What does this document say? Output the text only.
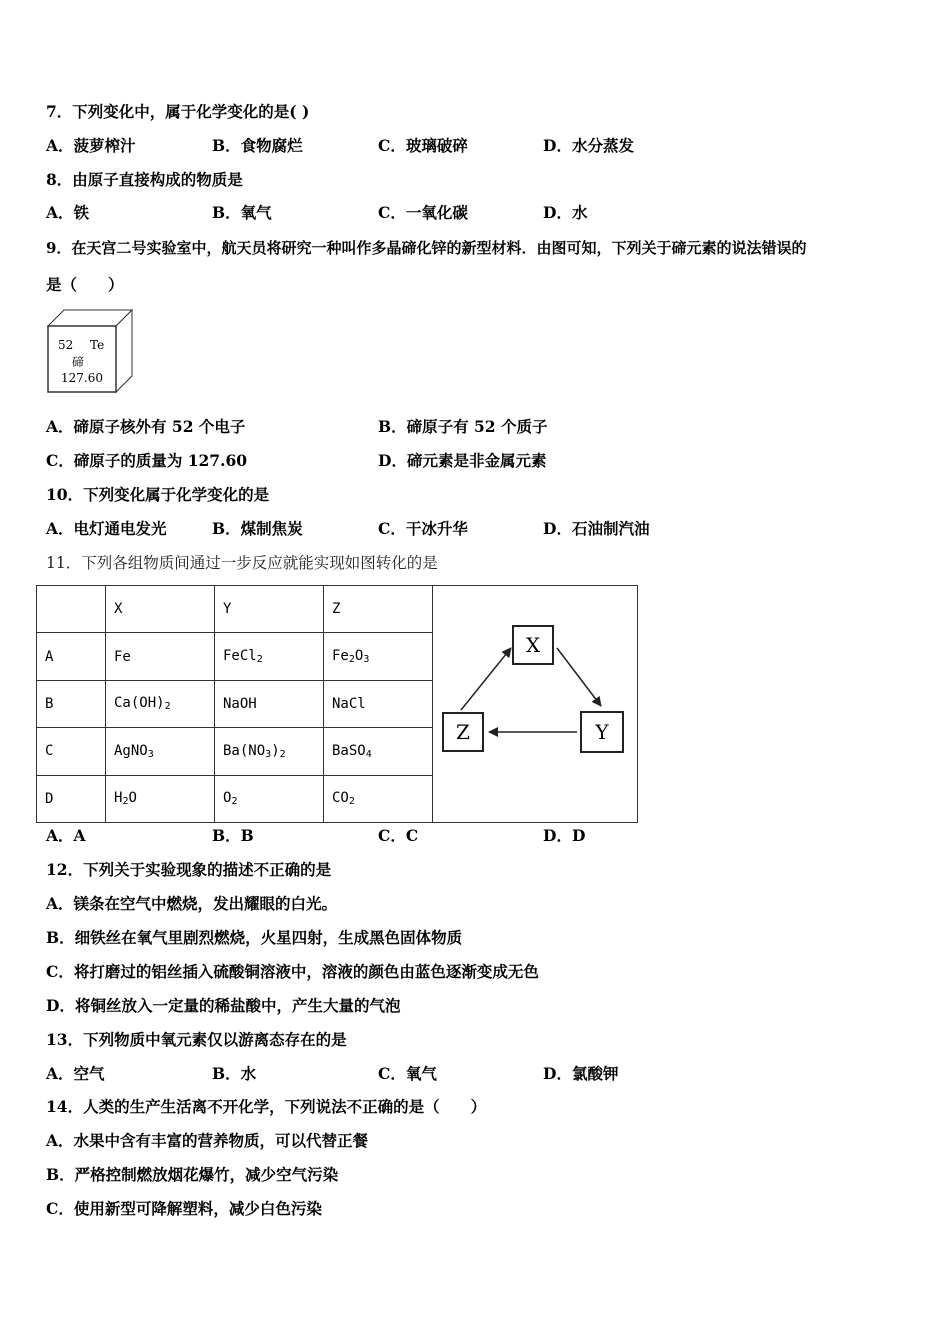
7．下列变化中，属于化学变化的是( )
A．菠萝榨汁	B．食物腐烂	C．玻璃破碎	D．水分蒸发
8．由原子直接构成的物质是
A．铁	B．氧气	C．一氧化碳	D．水
9．在天宫二号实验室中，航天员将研究一种叫作多晶碲化锌的新型材料．由图可知，下列关于碲元素的说法错误的
是（　　）
52 Te
碲
127.60
A．碲原子核外有 52 个电子	B．碲原子有 52 个质子
C．碲原子的质量为 127.60	D．碲元素是非金属元素
10．下列变化属于化学变化的是
A．电灯通电发光	B．煤制焦炭	C．干冰升华	D．石油制汽油
11．下列各组物质间通过一步反应就能实现如图转化的是
	X	Y	Z	X
Y
Z

A	Fe	FeCl$_2$	$Fe_2O_3$
B	$Ca(OH)_2$	NaOH	NaCl	
C	AgNO$_3$	$Ba(NO_3)_2$	BaSO$_4$
D	$H_2O$	$O_2$	$CO_2$
A．A	B．B	C．C	D．D
12．下列关于实验现象的描述不正确的是
A．镁条在空气中燃烧，发出耀眼的白光。
B．细铁丝在氧气里剧烈燃烧，火星四射，生成黑色固体物质
C．将打磨过的铝丝插入硫酸铜溶液中，溶液的颜色由蓝色逐渐变成无色
D．将铜丝放入一定量的稀盐酸中，产生大量的气泡
13．下列物质中氧元素仅以游离态存在的是
A．空气	B．水	C．氧气	D．氯酸钾
14．人类的生产生活离不开化学，下列说法不正确的是（　　）
A．水果中含有丰富的营养物质，可以代替正餐
B．严格控制燃放烟花爆竹，减少空气污染
C．使用新型可降解塑料，减少白色污染
